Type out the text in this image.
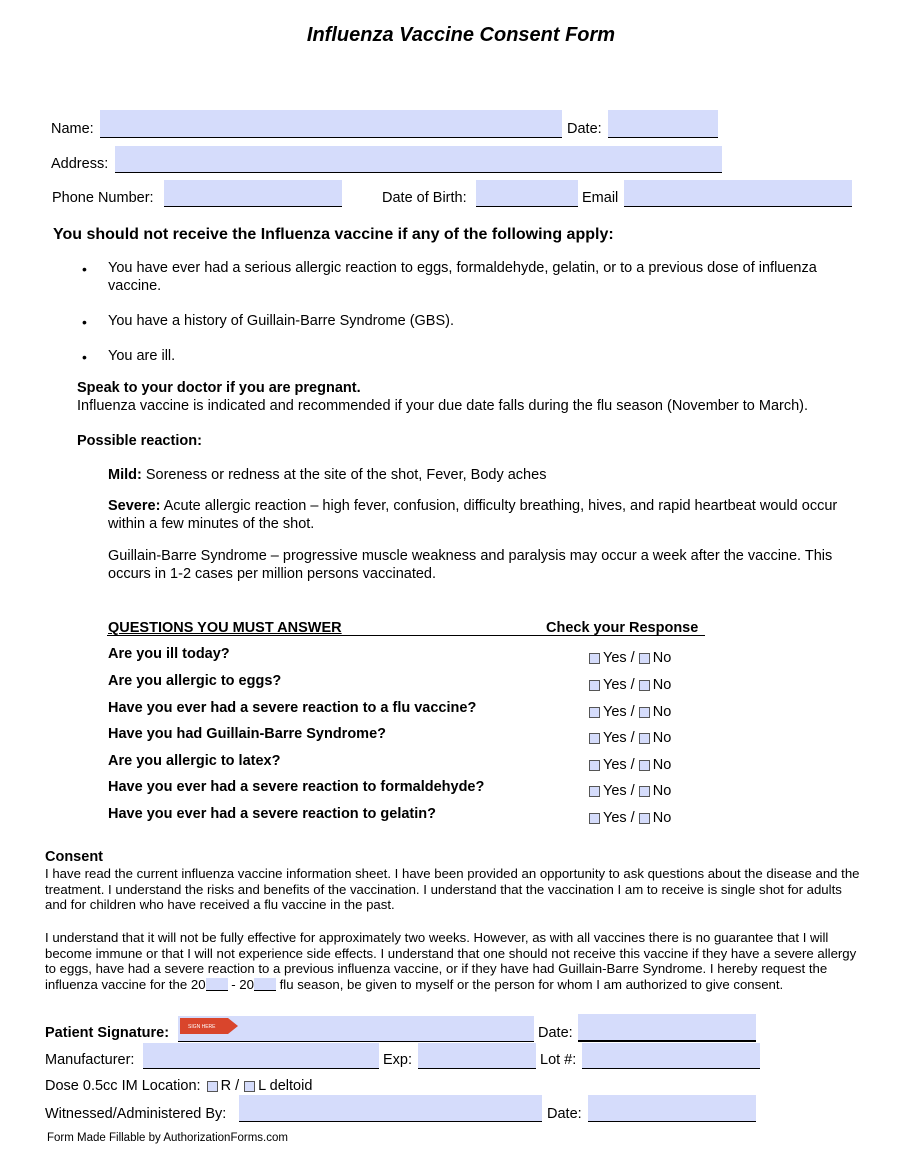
Influenza Vaccine Consent Form
Name:	Date:
Address:
Phone Number:	Date of Birth:	Email
You should not receive the Influenza vaccine if any of the following apply:
• You have ever had a serious allergic reaction to eggs, formaldehyde, gelatin, or to a previous dose of influenza vaccine.
• You have a history of Guillain-Barre Syndrome (GBS).
• You are ill.
Speak to your doctor if you are pregnant.
Influenza vaccine is indicated and recommended if your due date falls during the flu season (November to March).
Possible reaction:
Mild: Soreness or redness at the site of the shot, Fever, Body aches
Severe: Acute allergic reaction – high fever, confusion, difficulty breathing, hives, and rapid heartbeat would occur within a few minutes of the shot.
Guillain-Barre Syndrome – progressive muscle weakness and paralysis may occur a week after the vaccine. This occurs in 1-2 cases per million persons vaccinated.
QUESTIONS YOU MUST ANSWER	Check your Response
Are you ill today?	Yes / No
Are you allergic to eggs?	Yes / No
Have you ever had a severe reaction to a flu vaccine?	Yes / No
Have you had Guillain-Barre Syndrome?	Yes / No
Are you allergic to latex?	Yes / No
Have you ever had a severe reaction to formaldehyde?	Yes / No
Have you ever had a severe reaction to gelatin?	Yes / No
Consent
I have read the current influenza vaccine information sheet. I have been provided an opportunity to ask questions about the disease and the treatment. I understand the risks and benefits of the vaccination. I understand that the vaccination I am to receive is single shot for adults and for children who have received a flu vaccine in the past.
I understand that it will not be fully effective for approximately two weeks. However, as with all vaccines there is no guarantee that I will become immune or that I will not experience side effects. I understand that one should not receive this vaccine if they have a severe allergy to eggs, have had a severe reaction to a previous influenza vaccine, or if they have had Guillain-Barre Syndrome. I hereby request the influenza vaccine for the 20 - 20 flu season, be given to myself or the person for whom I am authorized to give consent.
Patient Signature:	SIGN HERE	Date:
Manufacturer:	Exp:	Lot #:
Dose 0.5cc IM Location: R / L deltoid
Witnessed/Administered By:	Date:
Form Made Fillable by AuthorizationForms.com
